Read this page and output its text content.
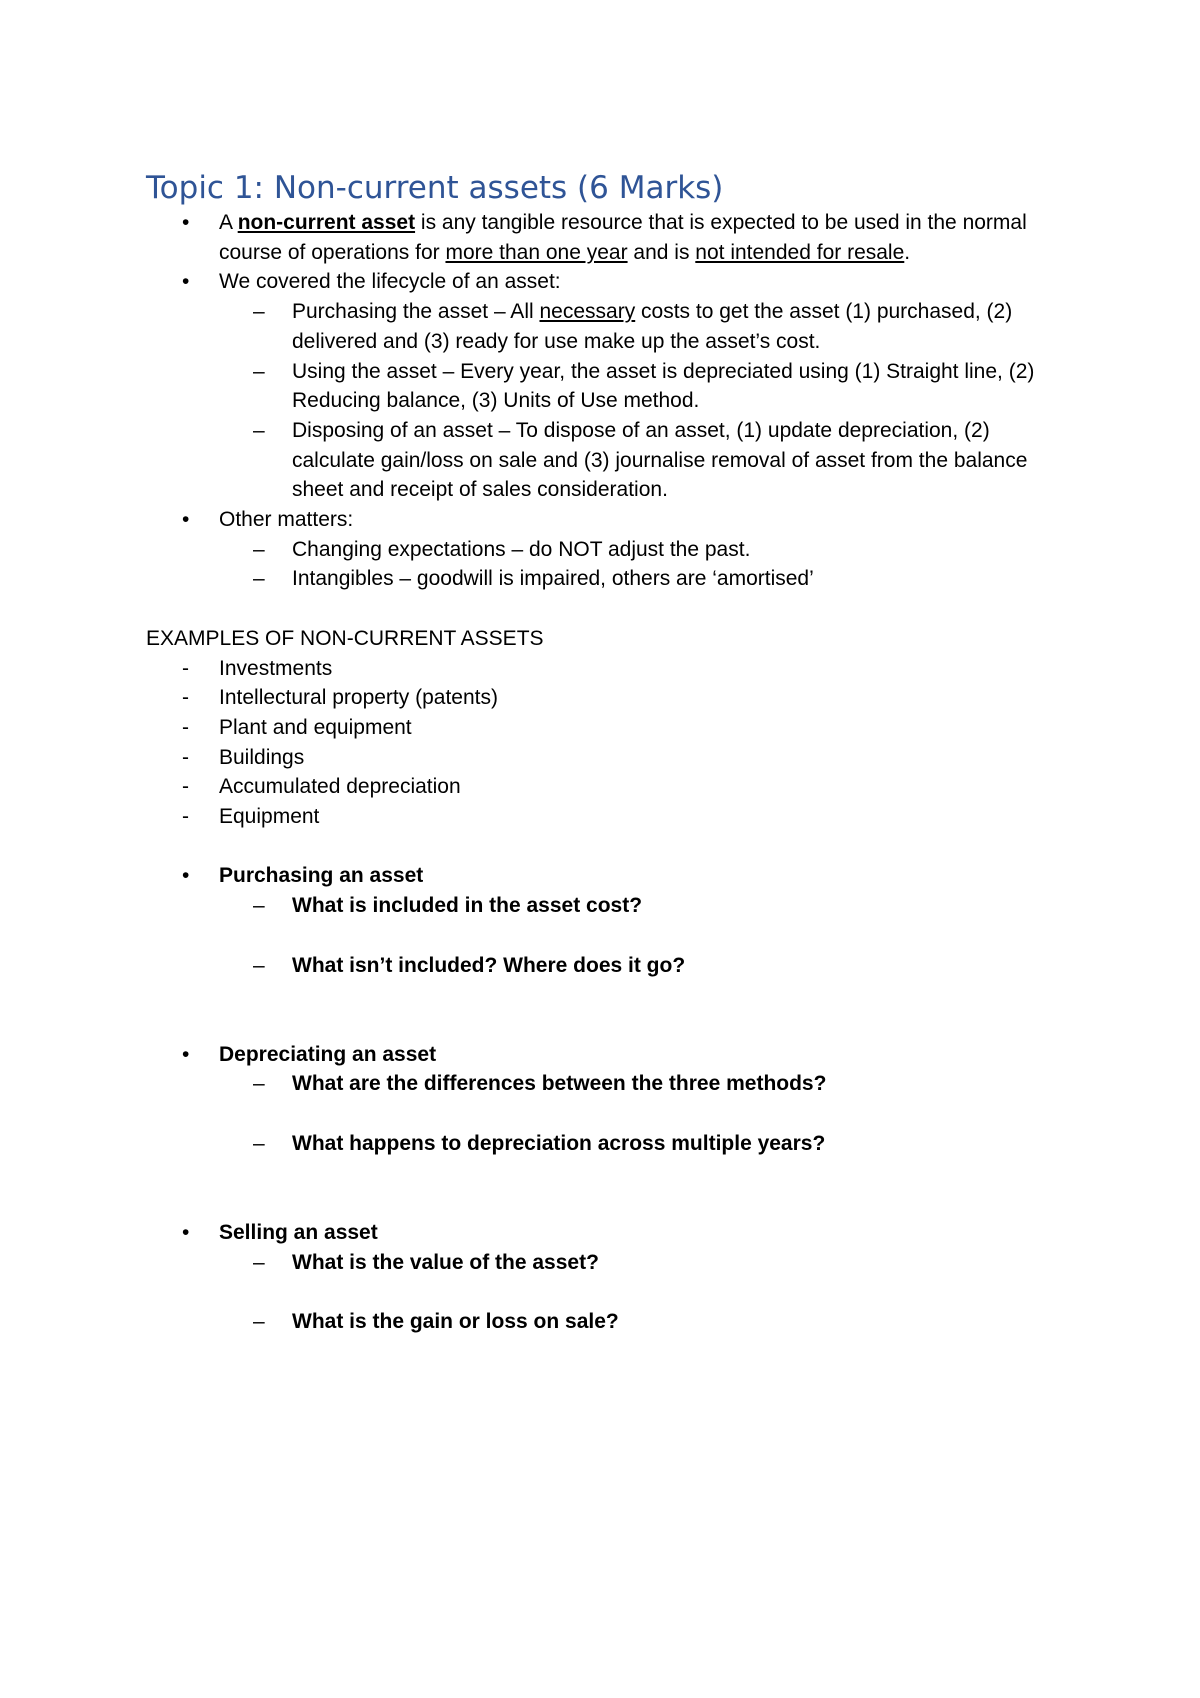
Topic 1: Non-current assets (6 Marks)
• A non-current asset is any tangible resource that is expected to be used in the normal course of operations for more than one year and is not intended for resale.
• We covered the lifecycle of an asset:
– Purchasing the asset – All necessary costs to get the asset (1) purchased, (2) delivered and (3) ready for use make up the asset’s cost.
– Using the asset – Every year, the asset is depreciated using (1) Straight line, (2) Reducing balance, (3) Units of Use method.
– Disposing of an asset – To dispose of an asset, (1) update depreciation, (2) calculate gain/loss on sale and (3) journalise removal of asset from the balance sheet and receipt of sales consideration.
• Other matters:
– Changing expectations – do NOT adjust the past.
– Intangibles – goodwill is impaired, others are ‘amortised’
EXAMPLES OF NON-CURRENT ASSETS
- Investments
- Intellectural property (patents)
- Plant and equipment
- Buildings
- Accumulated depreciation
- Equipment
• Purchasing an asset
– What is included in the asset cost?
– What isn’t included? Where does it go?
• Depreciating an asset
– What are the differences between the three methods?
– What happens to depreciation across multiple years?
• Selling an asset
– What is the value of the asset?
– What is the gain or loss on sale?
